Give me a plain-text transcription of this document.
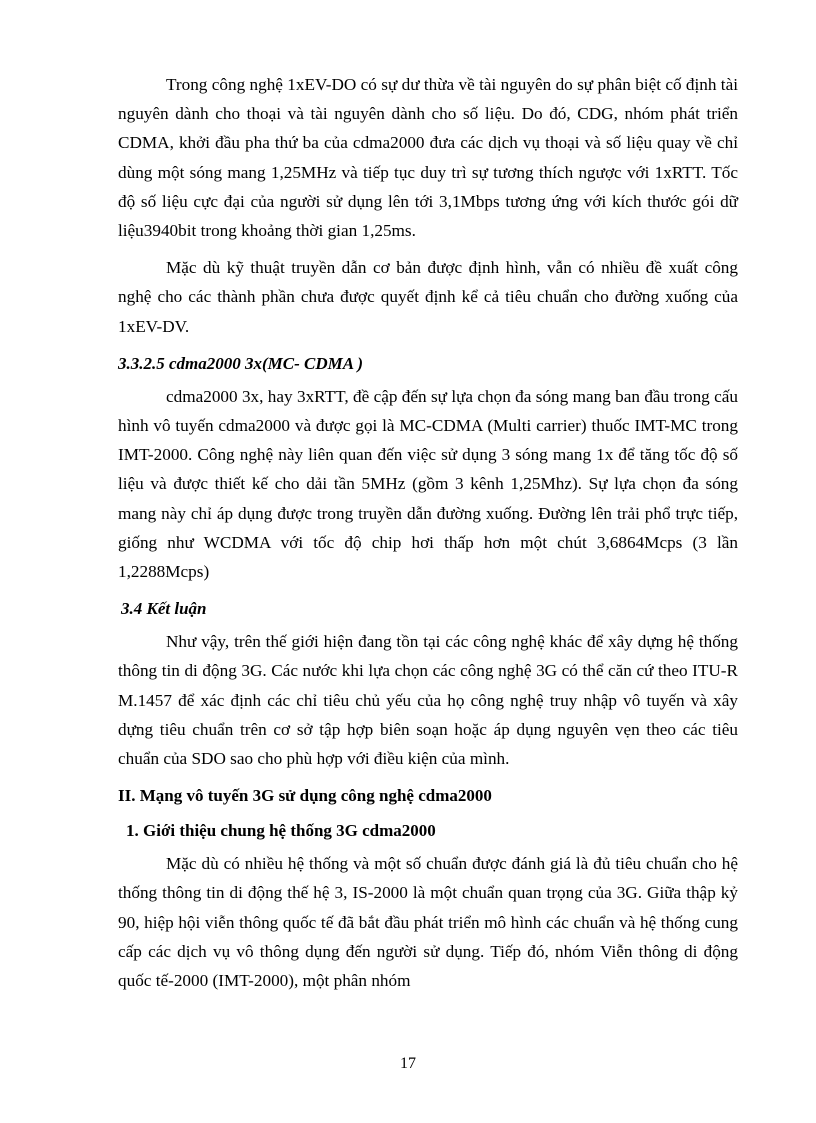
Trong công nghệ 1xEV-DO có sự dư thừa về tài nguyên do sự phân biệt cố định tài nguyên dành cho thoại và tài nguyên dành cho số liệu. Do đó, CDG, nhóm phát triển CDMA, khởi đầu pha thứ ba của cdma2000 đưa các dịch vụ thoại và số liệu quay về chỉ dùng một sóng mang 1,25MHz và tiếp tục duy trì sự tương thích ngược với 1xRTT. Tốc độ số liệu cực đại của người sử dụng lên tới 3,1Mbps tương ứng với kích thước gói dữ liệu3940bit trong khoảng thời gian 1,25ms.

Mặc dù kỹ thuật truyền dẫn cơ bản được định hình, vẫn có nhiều đề xuất công nghệ cho các thành phần chưa được quyết định kể cả tiêu chuẩn cho đường xuống của 1xEV-DV.

3.3.2.5 cdma2000 3x(MC- CDMA )

cdma2000 3x, hay 3xRTT, đề cập đến sự lựa chọn đa sóng mang ban đầu trong cấu hình vô tuyến cdma2000 và được gọi là MC-CDMA (Multi carrier) thuốc IMT-MC trong IMT-2000. Công nghệ này liên quan đến việc sử dụng 3 sóng mang 1x để tăng tốc độ số liệu và được thiết kế cho dải tần 5MHz (gồm 3 kênh 1,25Mhz). Sự lựa chọn đa sóng mang này chỉ áp dụng được trong truyền dẫn đường xuống. Đường lên trải phổ trực tiếp, giống như WCDMA với tốc độ chip hơi thấp hơn một chút 3,6864Mcps (3 lần 1,2288Mcps)

3.4 Kết luận

Như vậy, trên thế giới hiện đang tồn tại các công nghệ khác để xây dựng hệ thống thông tin di động 3G. Các nước khi lựa chọn các công nghệ 3G có thể căn cứ theo ITU-R M.1457 để xác định các chỉ tiêu chủ yếu của họ công nghệ truy nhập vô tuyến và xây dựng tiêu chuẩn trên cơ sở tập hợp biên soạn hoặc áp dụng nguyên vẹn theo các tiêu chuẩn của SDO sao cho phù hợp với điều kiện của mình.

II. Mạng vô tuyến 3G sử dụng công nghệ cdma2000
1. Giới thiệu chung hệ thống 3G cdma2000

Mặc dù có nhiều hệ thống và một số chuẩn được đánh giá là đủ tiêu chuẩn cho hệ thống thông tin di động thế hệ 3, IS-2000 là một chuẩn quan trọng của 3G. Giữa thập kỷ 90, hiệp hội viễn thông quốc tế đã bắt đầu phát triển mô hình các chuẩn và hệ thống cung cấp các dịch vụ vô thông dụng đến người sử dụng. Tiếp đó, nhóm Viễn thông di động quốc tế-2000 (IMT-2000), một phân nhóm

17
